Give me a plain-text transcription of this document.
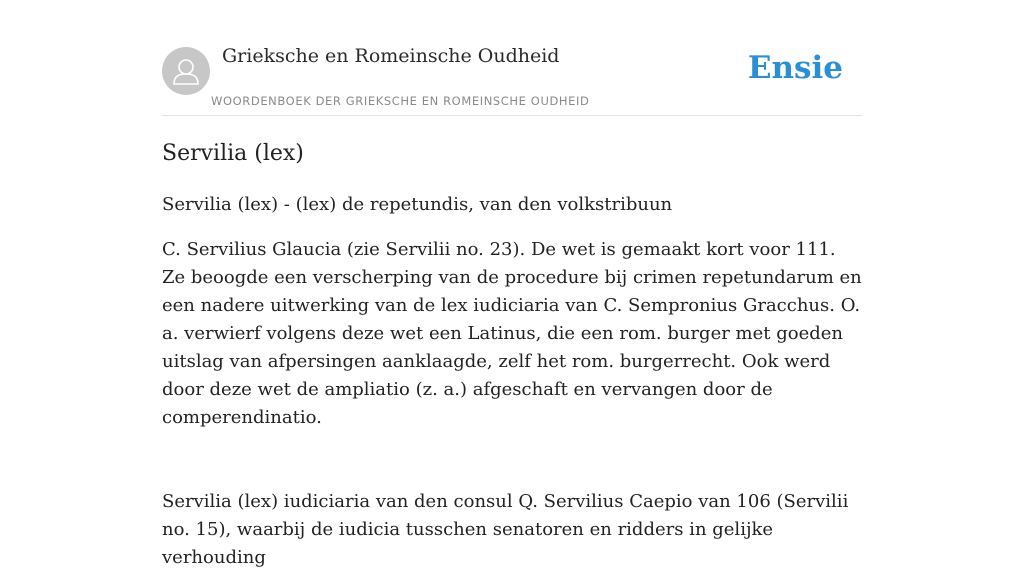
Grieksche en Romeinsche Oudheid
WOORDENBOEK DER GRIEKSCHE EN ROMEINSCHE OUDHEID
Ensie
Servilia (lex)

Servilia (lex) - (lex) de repetundis, van den volkstribuun

C. Servilius Glaucia (zie Servilii no. 23). De wet is gemaakt kort voor 111. Ze beoogde een verscherping van de procedure bij crimen repetundarum en een nadere uitwerking van de lex iudiciaria van C. Sempronius Gracchus. O. a. verwierf volgens deze wet een Latinus, die een rom. burger met goeden uitslag van afpersingen aanklaagde, zelf het rom. burgerrecht. Ook werd door deze wet de ampliatio (z. a.) afgeschaft en vervangen door de comperendinatio.

Servilia (lex) iudiciaria van den consul Q. Servilius Caepio van 106 (Servilii no. 15), waarbij de iudicia tusschen senatoren en ridders in gelijke verhouding
